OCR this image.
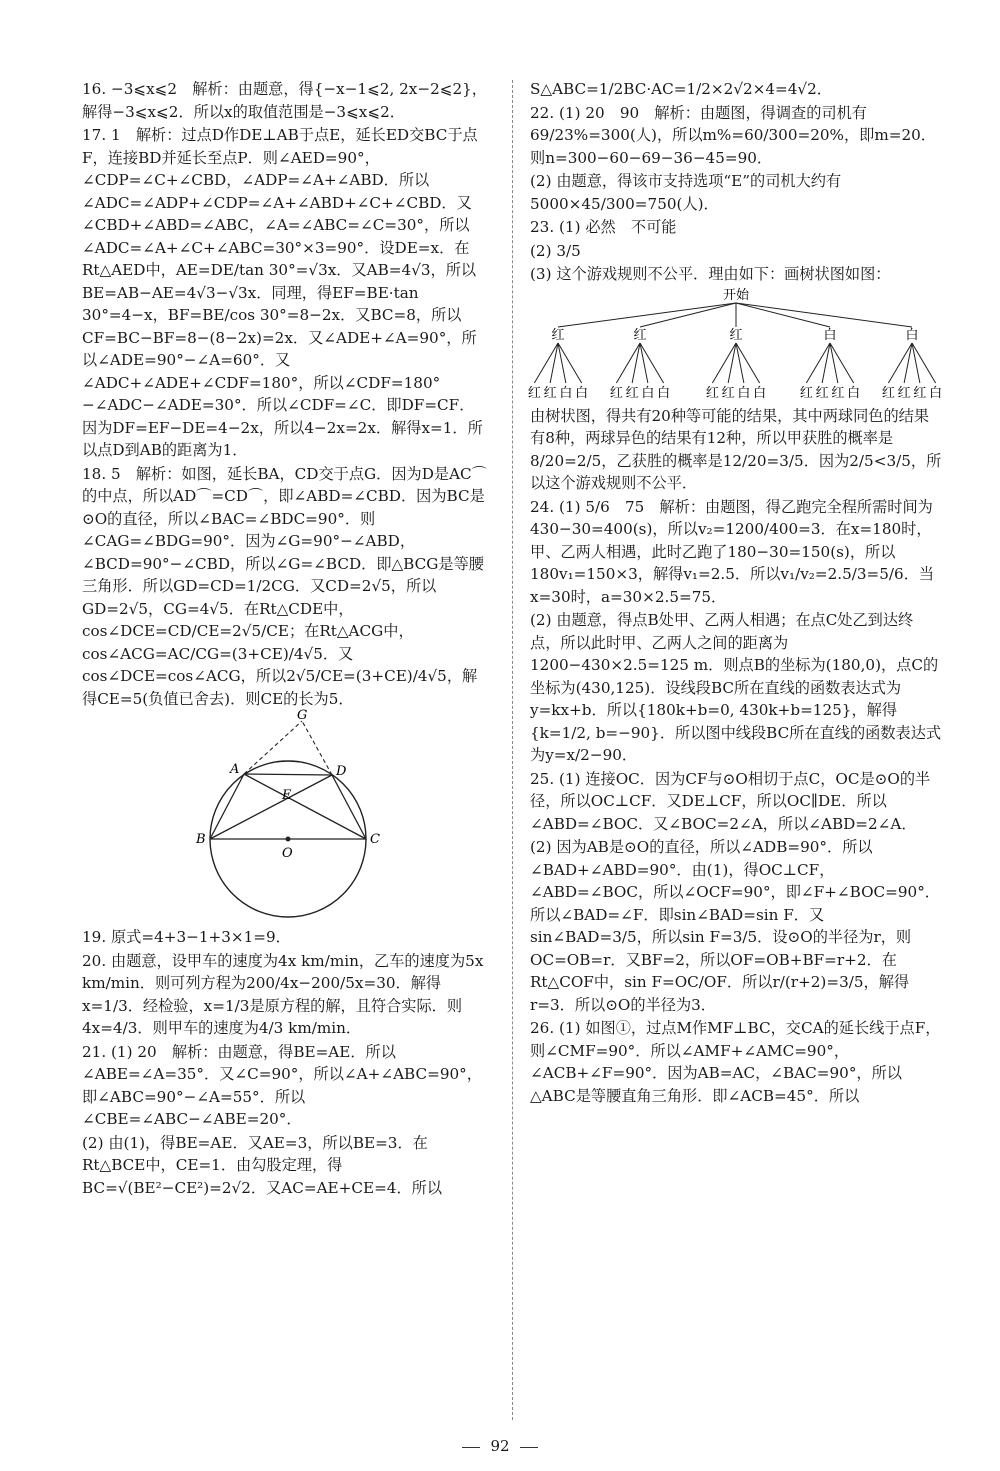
16. −3⩽x⩽2　解析：由题意，得{−x−1⩽2, 2x−2⩽2}，解得−3⩽x⩽2．所以x的取值范围是−3⩽x⩽2．

17. 1　解析：过点D作DE⊥AB于点E，延长ED交BC于点F，连接BD并延长至点P．则∠AED=90°，∠CDP=∠C+∠CBD，∠ADP=∠A+∠ABD．所以∠ADC=∠ADP+∠CDP=∠A+∠ABD+∠C+∠CBD．又∠CBD+∠ABD=∠ABC，∠A=∠ABC=∠C=30°，所以∠ADC=∠A+∠C+∠ABC=30°×3=90°．设DE=x．在Rt△AED中，AE=DE/tan 30°=√3x．又AB=4√3，所以BE=AB−AE=4√3−√3x．同理，得EF=BE·tan 30°=4−x，BF=BE/cos 30°=8−2x．又BC=8，所以CF=BC−BF=8−(8−2x)=2x．又∠ADE+∠A=90°，所以∠ADE=90°−∠A=60°．又∠ADC+∠ADE+∠CDF=180°，所以∠CDF=180°−∠ADC−∠ADE=30°．所以∠CDF=∠C．即DF=CF．因为DF=EF−DE=4−2x，所以4−2x=2x．解得x=1．所以点D到AB的距离为1．

18. 5　解析：如图，延长BA，CD交于点G．因为D是AC⌒的中点，所以AD⌒=CD⌒，即∠ABD=∠CBD．因为BC是⊙O的直径，所以∠BAC=∠BDC=90°．则∠CAG=∠BDG=90°．因为∠G=90°−∠ABD，∠BCD=90°−∠CBD，所以∠G=∠BCD．即△BCG是等腰三角形．所以GD=CD=1/2CG．又CD=2√5，所以GD=2√5，CG=4√5．在Rt△CDE中，cos∠DCE=CD/CE=2√5/CE；在Rt△ACG中，cos∠ACG=AC/CG=(3+CE)/4√5．又cos∠DCE=cos∠ACG，所以2√5/CE=(3+CE)/4√5，解得CE=5(负值已舍去)．则CE的长为5．

G
A	D
E
B
O
C

19. 原式=4+3−1+3×1=9．

20. 由题意，设甲车的速度为4x km/min，乙车的速度为5x km/min．则可列方程为200/4x−200/5x=30．解得x=1/3．经检验，x=1/3是原方程的解，且符合实际．则4x=4/3．则甲车的速度为4/3 km/min．

21. (1) 20　解析：由题意，得BE=AE．所以∠ABE=∠A=35°．又∠C=90°，所以∠A+∠ABC=90°，即∠ABC=90°−∠A=55°．所以∠CBE=∠ABC−∠ABE=20°．

(2) 由(1)，得BE=AE．又AE=3，所以BE=3．在Rt△BCE中，CE=1．由勾股定理，得BC=√(BE²−CE²)=2√2．又AC=AE+CE=4．所以

S△ABC=1/2BC·AC=1/2×2√2×4=4√2．

22. (1) 20　90　解析：由题图，得调查的司机有69/23%=300(人)，所以m%=60/300=20%，即m=20．则n=300−60−69−36−45=90．

(2) 由题意，得该市支持选项“E”的司机大约有5000×45/300=750(人)．

23. (1) 必然　不可能

(2) 3/5

(3) 这个游戏规则不公平．理由如下：画树状图如图：

开始
红
红 红 白 白
红
红 红 白 白
红
红 红 白 白
白
红 红 红 白
白
红 红 红 白

由树状图，得共有20种等可能的结果，其中两球同色的结果有8种，两球异色的结果有12种，所以甲获胜的概率是8/20=2/5，乙获胜的概率是12/20=3/5．因为2/5<3/5，所以这个游戏规则不公平．

24. (1) 5/6　75　解析：由题图，得乙跑完全程所需时间为430−30=400(s)，所以v₂=1200/400=3．在x=180时，甲、乙两人相遇，此时乙跑了180−30=150(s)，所以180v₁=150×3，解得v₁=2.5．所以v₁/v₂=2.5/3=5/6．当x=30时，a=30×2.5=75．

(2) 由题意，得点B处甲、乙两人相遇；在点C处乙到达终点，所以此时甲、乙两人之间的距离为1200−430×2.5=125 m．则点B的坐标为(180,0)，点C的坐标为(430,125)．设线段BC所在直线的函数表达式为y=kx+b．所以{180k+b=0, 430k+b=125}，解得{k=1/2, b=−90}．所以图中线段BC所在直线的函数表达式为y=x/2−90．

25. (1) 连接OC．因为CF与⊙O相切于点C，OC是⊙O的半径，所以OC⊥CF．又DE⊥CF，所以OC∥DE．所以∠ABD=∠BOC．又∠BOC=2∠A，所以∠ABD=2∠A．

(2) 因为AB是⊙O的直径，所以∠ADB=90°．所以∠BAD+∠ABD=90°．由(1)，得OC⊥CF，∠ABD=∠BOC，所以∠OCF=90°，即∠F+∠BOC=90°．所以∠BAD=∠F．即sin∠BAD=sin F．又sin∠BAD=3/5，所以sin F=3/5．设⊙O的半径为r，则OC=OB=r．又BF=2，所以OF=OB+BF=r+2．在Rt△COF中，sin F=OC/OF．所以r/(r+2)=3/5，解得r=3．所以⊙O的半径为3．

26. (1) 如图①，过点M作MF⊥BC，交CA的延长线于点F，则∠CMF=90°．所以∠AMF+∠AMC=90°，∠ACB+∠F=90°．因为AB=AC，∠BAC=90°，所以△ABC是等腰直角三角形．即∠ACB=45°．所以

92
